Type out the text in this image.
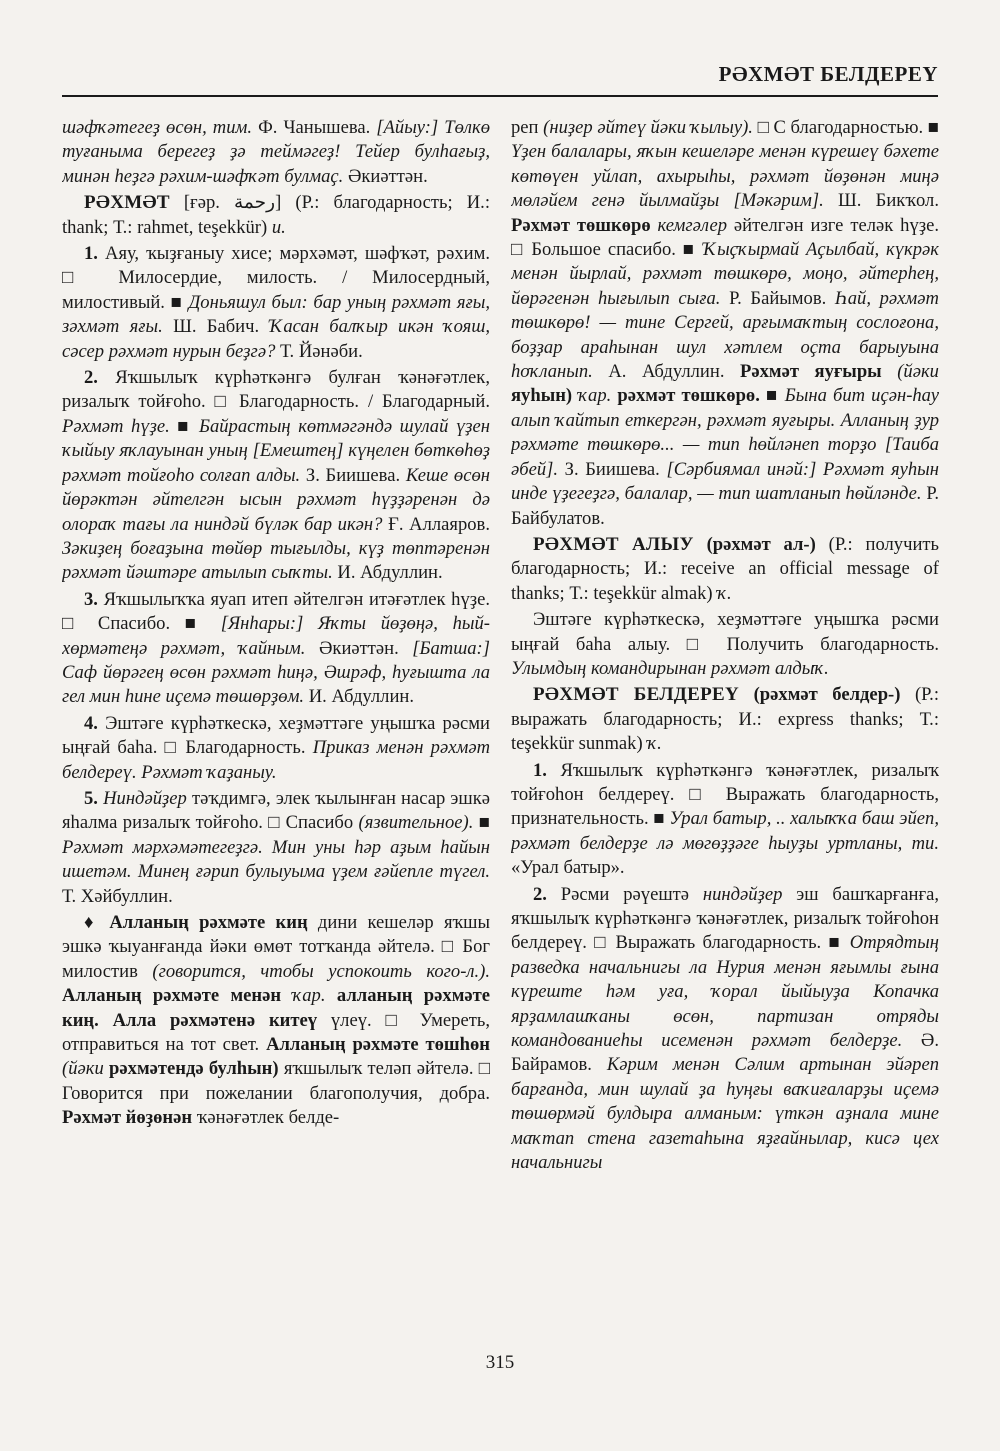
РӘХМӘТ БЕЛДЕРЕҮ

шәфҡәтегеҙ өсөн, тим. Ф. Чанышева. [Айыу:] Төлкө туғаныма берегеҙ ҙә теймәгеҙ! Тейер булһағыҙ, минән һеҙгә рәхим-шәфҡәт булмаҫ. Әкиәттән.

РӘХМӘТ [ғәр. رحمة] (Р.: благодарность; И.: thank; Т.: rahmet, teşekkür) и.

1. Аяу, ҡыҙғаныу хисе; мәрхәмәт, шәфҡәт, рәхим. □ Милосердие, милость. / Милосердный, милостивый. ■ Доньяшул был: бар уның рәхмәт яғы, зәхмәт яғы. Ш. Бабич. Ҡасан балҡыр икән ҡояш, сәсер рәхмәт нурын беҙгә? Т. Йәнәби.

2. Яҡшылыҡ күрһәткәнгә булған ҡәнәғәтлек, ризалыҡ тойғоһо. □ Благодарность. / Благодарный. Рәхмәт һүҙе. ■ Байрастың көтмәгәндә шулай үҙен ҡыйыу яҡлауынан уның [Емештең] күңелен бөткөһөҙ рәхмәт тойғоһо солғап алды. З. Биишева. Кеше өсөн йөрәктән әйтелгән ысын рәхмәт һүҙҙәренән дә олораҡ тағы ла ниндәй бүләк бар икән? Ғ. Аллаяров. Зәкиҙең боғаҙына төйөр тығылды, күҙ төптәренән рәхмәт йәштәре атылып сыҡты. И. Абдуллин.

3. Яҡшылыҡҡа яуап итеп әйтелгән итәғәтлек һүҙе. □ Спасибо. ■ [Янһары:] Яҡты йөҙөңә, һый-хөрмәтеңә рәхмәт, ҡайным. Әкиәттән. [Батша:] Саф йөрәгең өсөн рәхмәт һиңә, Әшрәф, һуғышта ла гел мин һине иҫемә төшөрҙөм. И. Абдуллин.

4. Эштәге күрһәткескә, хеҙмәттәге уңышҡа рәсми ыңғай баһа. □ Благодарность. Приказ менән рәхмәт белдереү. Рәхмәт ҡаҙаныу.

5. Ниндәйҙер тәҡдимгә, элек ҡылынған насар эшкә яһалма ризалыҡ тойғоһо. □ Спасибо (язвительное). ■ Рәхмәт мәрхәмәтегеҙгә. Мин уны һәр аҙым һайын ишетәм. Минең ғәрип булыуыма үҙем ғәйепле түгел. Т. Хәйбуллин.

♦ Алланың рәхмәте киң дини кешеләр яҡшы эшкә ҡыуанғанда йәки өмөт тотҡанда әйтелә. □ Бог милостив (говорится, чтобы успокоить кого-л.). Алланың рәхмәте менән ҡар. алланың рәхмәте киң. Алла рәхмәтенә китеү үлеү. □ Умереть, отправиться на тот свет. Алланың рәхмәте төшһөн (йәки рәхмәтендә булһын) яҡшылыҡ теләп әйтелә. □ Говорится при пожелании благополучия, добра. Рәхмәт йөҙөнән ҡәнәғәтлек белде-

реп (ниҙер әйтеү йәки ҡылыу). □ С благодарностью. ■ Үҙен балалары, яҡын кешеләре менән күрешеү бәхете көтөүен уйлап, ахырыһы, рәхмәт йөҙөнән миңә мөләйем генә йылмайҙы [Мәкәрим]. Ш. Бикҡол. Рәхмәт төшкөрө кемгәлер әйтелгән изге теләк һүҙе. □ Большое спасибо. ■ Ҡыҫҡырмай Аҫылбай, күкрәк менән йырлай, рәхмәт төшкөрө, моңо, әйтерһең, йөрәгенән һығылып сыға. Р. Байымов. Һай, рәхмәт төшкөрө! — тине Сергей, арғымаҡтың сослоғона, боҙҙар араһынан шул хәтлем оҫта барыуына һоҡланып. А. Абдуллин. Рәхмәт яуғыры (йәки яуһын) ҡар. рәхмәт төшкөрө. ■ Бына бит иҫән-һау алып ҡайтып еткергән, рәхмәт яуғыры. Алланың ҙур рәхмәте төшкөрө... — тип һөйләнеп торҙо [Таиба әбей]. З. Биишева. [Сәрбиямал инәй:] Рәхмәт яуһын инде үҙегеҙгә, балалар, — тип шатланып һөйләнде. Р. Байбулатов.

РӘХМӘТ АЛЫУ (рәхмәт ал-) (Р.: получить благодарность; И.: receive an official message of thanks; Т.: teşekkür almak) ҡ.

Эштәге күрһәткескә, хеҙмәттәге уңышҡа рәсми ыңғай баһа алыу. □ Получить благодарность. Улымдың командирынан рәхмәт алдыҡ.

РӘХМӘТ БЕЛДЕРЕҮ (рәхмәт белдер-) (Р.: выражать благодарность; И.: express thanks; Т.: teşekkür sunmak) ҡ.

1. Яҡшылыҡ күрһәткәнгә ҡәнәғәтлек, ризалыҡ тойғоһон белдереү. □ Выражать благодарность, признательность. ■ Урал батыр, .. халыҡҡа баш эйеп, рәхмәт белдерҙе лә мөгөҙҙәге һыуҙы уртланы, ти. «Урал батыр».

2. Рәсми рәүештә ниндәйҙер эш башҡарғанға, яҡшылыҡ күрһәткәнгә ҡәнәғәтлек, ризалыҡ тойғоһон белдереү. □ Выражать благодарность. ■ Отрядтың разведка начальнигы ла Нурия менән яғымлы ғына күреште һәм уға, ҡорал йыйыуҙа Копачка ярҙамлашҡаны өсөн, партизан отряды командованиеһы исеменән рәхмәт белдерҙе. Ә. Байрамов. Кәрим менән Сәлим артынан эйәреп барғанда, мин шулай ҙа һуңғы ваҡиғаларҙы иҫемә төшөрмәй булдыра алманым: үткән аҙнала мине маҡтап стена газетаһына яҙғайнылар, кисә цех начальнигы

315
